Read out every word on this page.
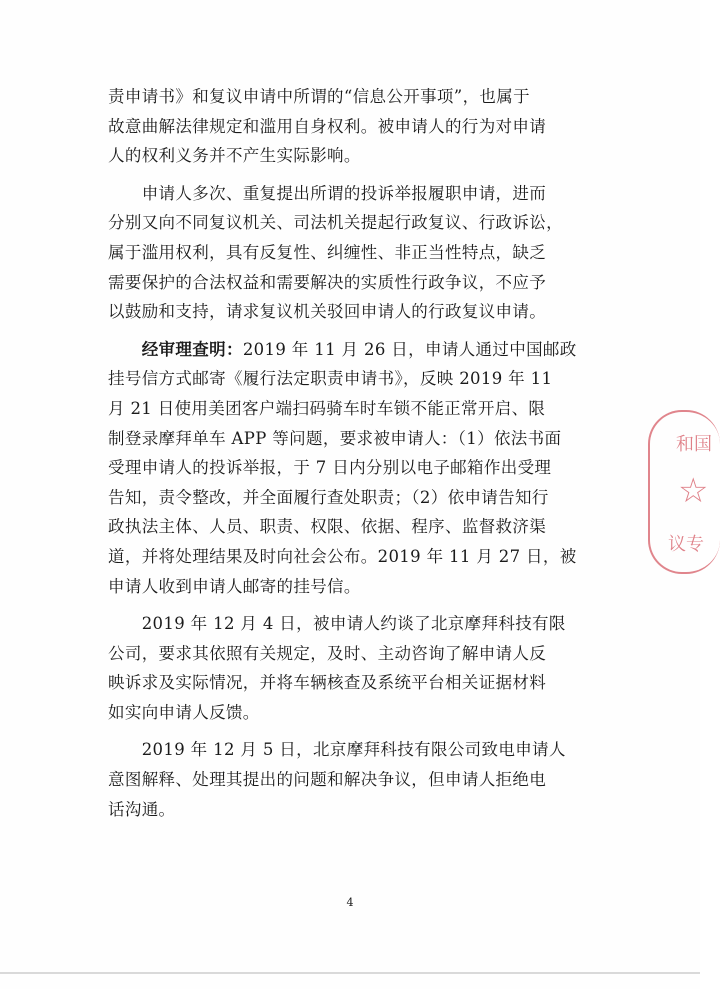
责申请书》和复议申请中所谓的“信息公开事项”，也属于
故意曲解法律规定和滥用自身权利。被申请人的行为对申请
人的权利义务并不产生实际影响。
　　申请人多次、重复提出所谓的投诉举报履职申请，进而
分别又向不同复议机关、司法机关提起行政复议、行政诉讼，
属于滥用权利，具有反复性、纠缠性、非正当性特点，缺乏
需要保护的合法权益和需要解决的实质性行政争议，不应予
以鼓励和支持，请求复议机关驳回申请人的行政复议申请。
　　经审理查明：2019 年 11 月 26 日，申请人通过中国邮政
挂号信方式邮寄《履行法定职责申请书》，反映 2019 年 11
月 21 日使用美团客户端扫码骑车时车锁不能正常开启、限
制登录摩拜单车 APP 等问题，要求被申请人：（1）依法书面
受理申请人的投诉举报，于 7 日内分别以电子邮箱作出受理
告知，责令整改，并全面履行查处职责；（2）依申请告知行
政执法主体、人员、职责、权限、依据、程序、监督救济渠
道，并将处理结果及时向社会公布。2019 年 11 月 27 日，被
申请人收到申请人邮寄的挂号信。
　　2019 年 12 月 4 日，被申请人约谈了北京摩拜科技有限
公司，要求其依照有关规定，及时、主动咨询了解申请人反
映诉求及实际情况，并将车辆核查及系统平台相关证据材料
如实向申请人反馈。
　　2019 年 12 月 5 日，北京摩拜科技有限公司致电申请人
意图解释、处理其提出的问题和解决争议，但申请人拒绝电
话沟通。
4
和国
☆
议专
